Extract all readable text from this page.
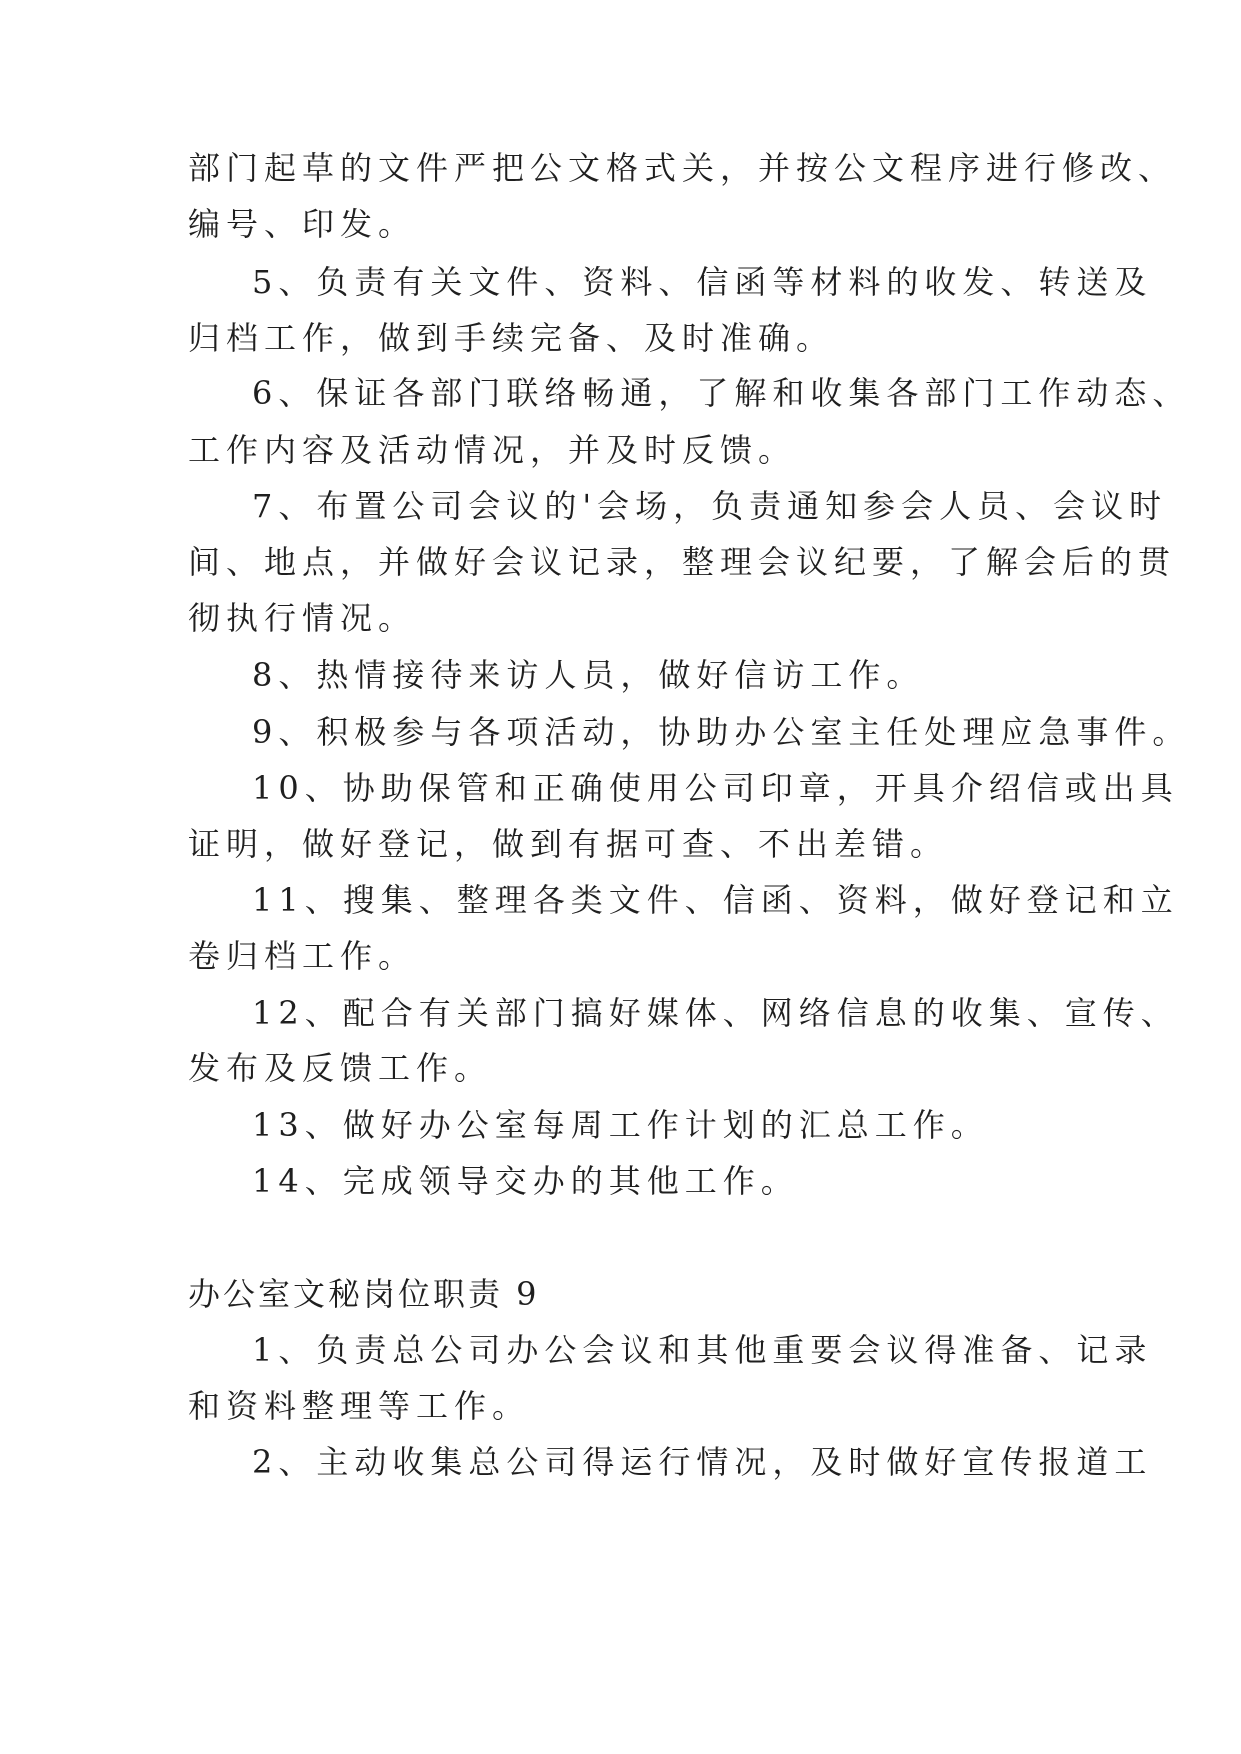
部门起草的文件严把公文格式关，并按公文程序进行修改、
编号、印发。
5、负责有关文件、资料、信函等材料的收发、转送及
归档工作，做到手续完备、及时准确。
6、保证各部门联络畅通，了解和收集各部门工作动态、
工作内容及活动情况，并及时反馈。
7、布置公司会议的'会场，负责通知参会人员、会议时
间、地点，并做好会议记录，整理会议纪要，了解会后的贯
彻执行情况。
8、热情接待来访人员，做好信访工作。
9、积极参与各项活动，协助办公室主任处理应急事件。
10、协助保管和正确使用公司印章，开具介绍信或出具
证明，做好登记，做到有据可查、不出差错。
11、搜集、整理各类文件、信函、资料，做好登记和立
卷归档工作。
12、配合有关部门搞好媒体、网络信息的收集、宣传、
发布及反馈工作。
13、做好办公室每周工作计划的汇总工作。
14、完成领导交办的其他工作。
办公室文秘岗位职责 9
1、负责总公司办公会议和其他重要会议得准备、记录
和资料整理等工作。
2、主动收集总公司得运行情况，及时做好宣传报道工
